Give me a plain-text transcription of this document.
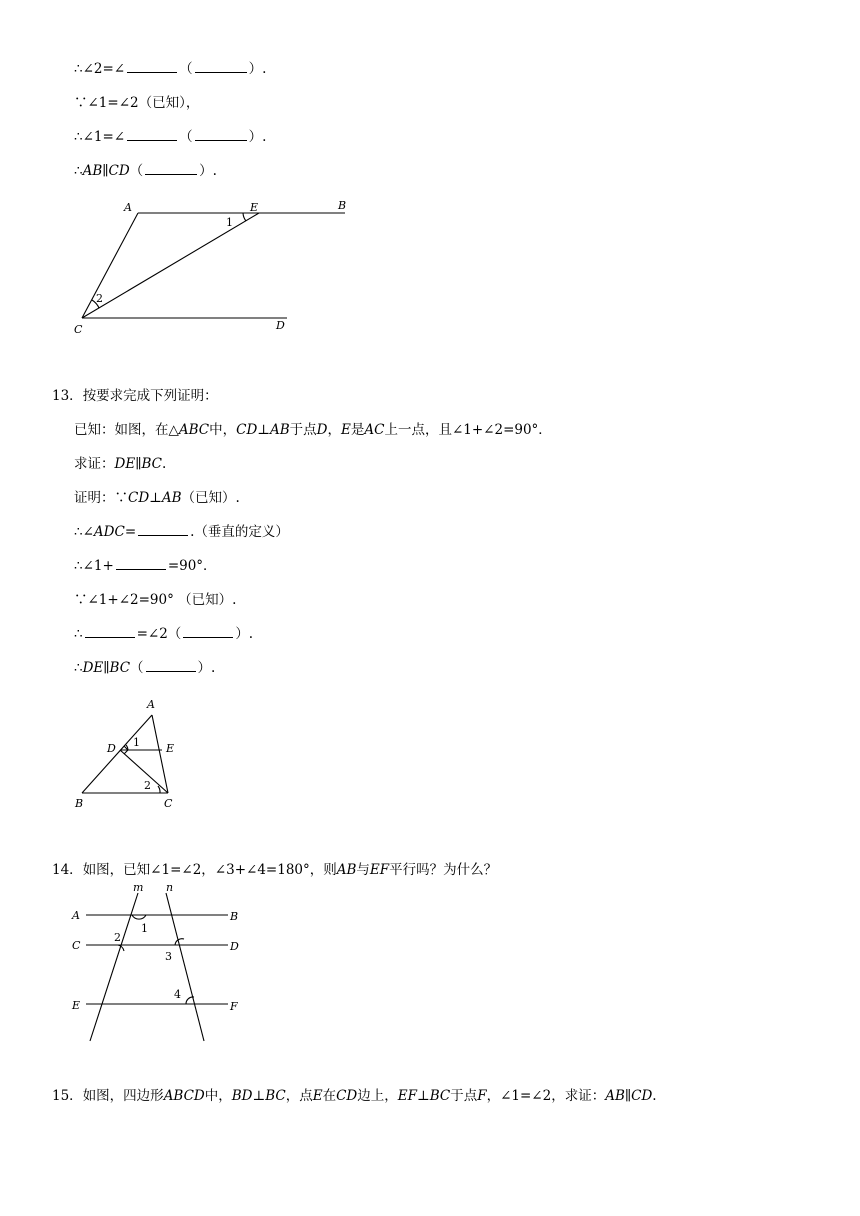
∴∠2=∠	（	）.
∵∠1=∠2（已知），
∴∠1=∠	（	）.
∴AB∥CD（	）.
A	E	B
C	D
1
2
13．按要求完成下列证明：
已知：如图，在△ABC中，CD⊥AB于点D，E是AC上一点，且∠1+∠2=90°．
求证：DE∥BC.
证明：∵CD⊥AB（已知）.
∴∠ADC=	.（垂直的定义）
∴∠1+	=90°．
∵∠1+∠2=90° （已知）.
∴	=∠2（	）.
∴DE∥BC（	）.
A
D	E
B	C
1
2
14．如图，已知∠1=∠2，∠3+∠4=180°，则AB与EF平行吗？为什么？
m n
A	B
C	D
E	F
1
2
3
4
15．如图，四边形ABCD中，BD⊥BC，点E在CD边上，EF⊥BC于点F，∠1=∠2，求证：AB∥CD.
